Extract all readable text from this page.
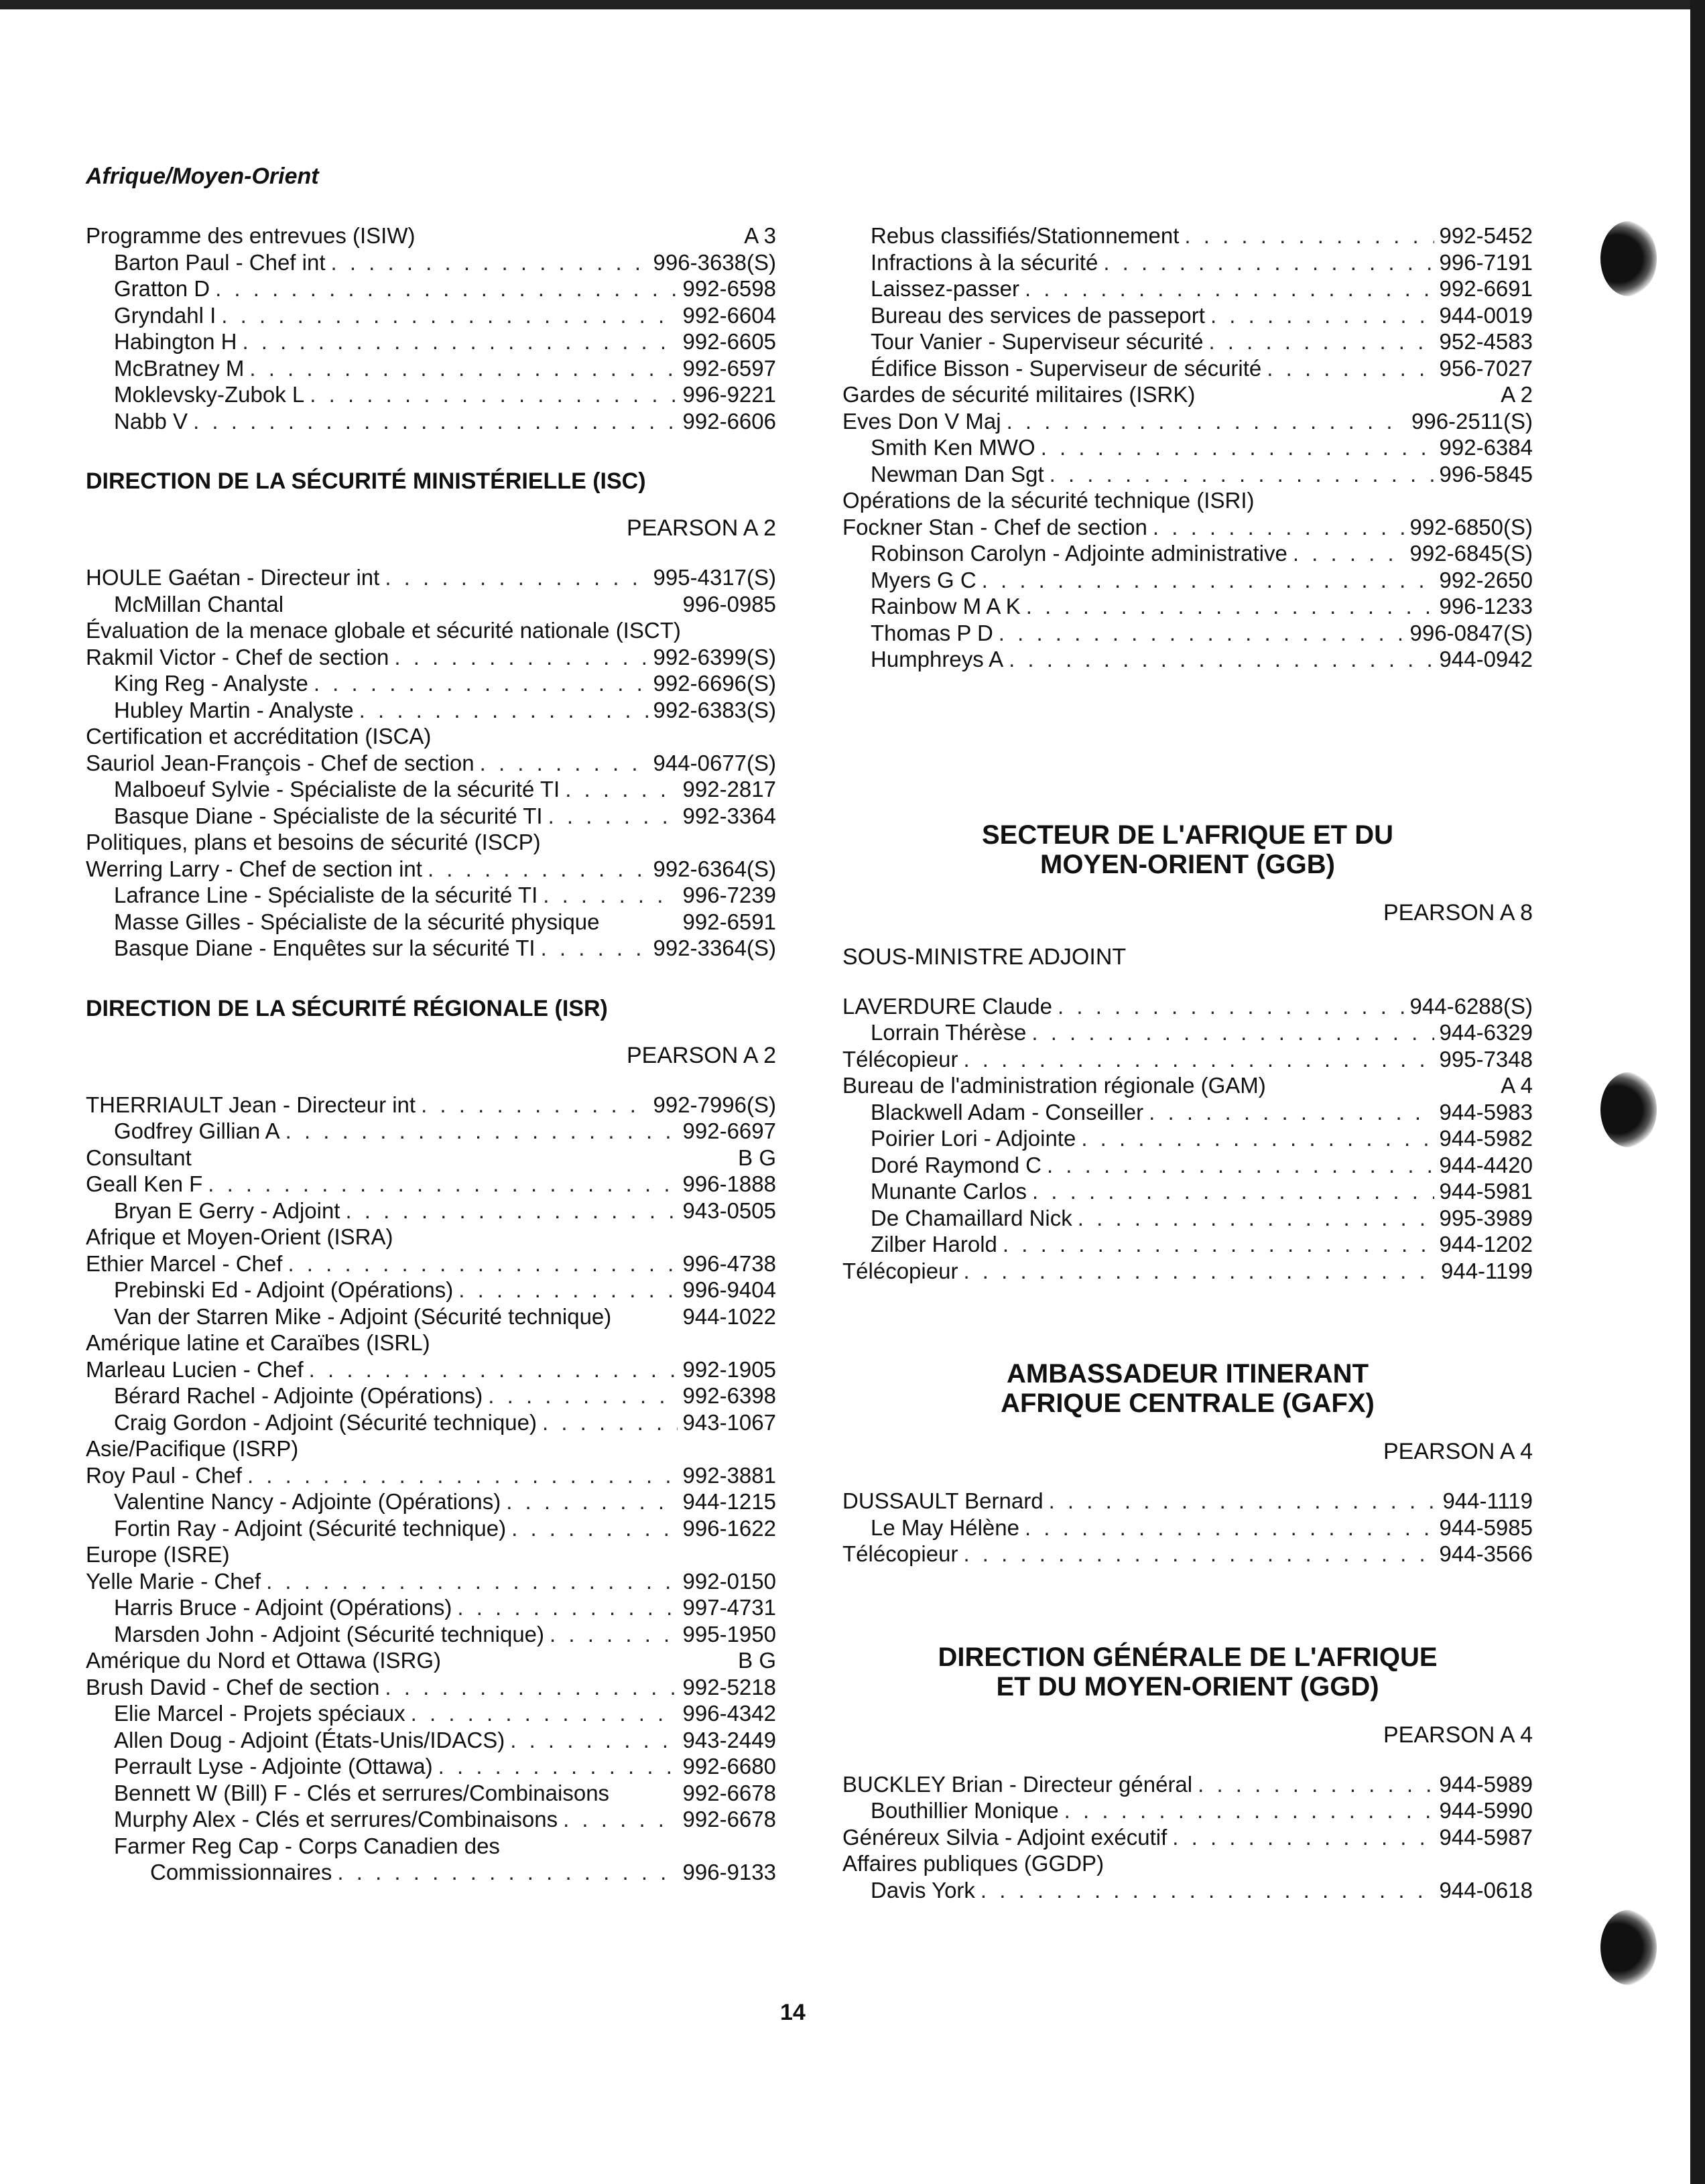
Afrique/Moyen-Orient
Programme des entrevues (ISIW)	A 3
Barton Paul - Chef int . . .	996-3638(S)
Gratton D . . .	992-6598
Gryndahl I . . .	992-6604
Habington H . . .	992-6605
McBratney M . . .	992-6597
Moklevsky-Zubok L . . .	996-9221
Nabb V . . .	992-6606
DIRECTION DE LA SÉCURITÉ MINISTÉRIELLE (ISC)
PEARSON A 2
HOULE Gaétan - Directeur int . . .	995-4317(S)
McMillan Chantal	996-0985
Évaluation de la menace globale et sécurité nationale (ISCT)
Rakmil Victor - Chef de section . . .	992-6399(S)
King Reg - Analyste . . .	992-6696(S)
Hubley Martin - Analyste . . .	992-6383(S)
Certification et accréditation (ISCA)
Sauriol Jean-François - Chef de section . . .	944-0677(S)
Malboeuf Sylvie - Spécialiste de la sécurité TI . . .	992-2817
Basque Diane - Spécialiste de la sécurité TI . . .	992-3364
Politiques, plans et besoins de sécurité (ISCP)
Werring Larry - Chef de section int . . .	992-6364(S)
Lafrance Line - Spécialiste de la sécurité TI . . .	996-7239
Masse Gilles - Spécialiste de la sécurité physique	992-6591
Basque Diane - Enquêtes sur la sécurité TI . . .	992-3364(S)
DIRECTION DE LA SÉCURITÉ RÉGIONALE (ISR)
PEARSON A 2
THERRIAULT Jean - Directeur int . . .	992-7996(S)
Godfrey Gillian A . . .	992-6697
Consultant	B G
Geall Ken F . . .	996-1888
Bryan E Gerry - Adjoint . . .	943-0505
Afrique et Moyen-Orient (ISRA)
Ethier Marcel - Chef . . .	996-4738
Prebinski Ed - Adjoint (Opérations) . . .	996-9404
Van der Starren Mike - Adjoint (Sécurité technique)	944-1022
Amérique latine et Caraïbes (ISRL)
Marleau Lucien - Chef . . .	992-1905
Bérard Rachel - Adjointe (Opérations) . . .	992-6398
Craig Gordon - Adjoint (Sécurité technique) . . .	943-1067
Asie/Pacifique (ISRP)
Roy Paul - Chef . . .	992-3881
Valentine Nancy - Adjointe (Opérations) . . .	944-1215
Fortin Ray - Adjoint (Sécurité technique) . . .	996-1622
Europe (ISRE)
Yelle Marie - Chef . . .	992-0150
Harris Bruce - Adjoint (Opérations) . . .	997-4731
Marsden John - Adjoint (Sécurité technique) . . .	995-1950
Amérique du Nord et Ottawa (ISRG)	B G
Brush David - Chef de section . . .	992-5218
Elie Marcel - Projets spéciaux . . .	996-4342
Allen Doug - Adjoint (États-Unis/IDACS) . . .	943-2449
Perrault Lyse - Adjointe (Ottawa) . . .	992-6680
Bennett W (Bill) F - Clés et serrures/Combinaisons	992-6678
Murphy Alex - Clés et serrures/Combinaisons . . .	992-6678
Farmer Reg Cap - Corps Canadien des
Commissionnaires . . .	996-9133
Rebus classifiés/Stationnement . . .	992-5452
Infractions à la sécurité . . .	996-7191
Laissez-passer . . .	992-6691
Bureau des services de passeport . . .	944-0019
Tour Vanier - Superviseur sécurité . . .	952-4583
Édifice Bisson - Superviseur de sécurité . . .	956-7027
Gardes de sécurité militaires (ISRK)	A 2
Eves Don V Maj . . .	996-2511(S)
Smith Ken MWO . . .	992-6384
Newman Dan Sgt . . .	996-5845
Opérations de la sécurité technique (ISRI)
Fockner Stan - Chef de section . . .	992-6850(S)
Robinson Carolyn - Adjointe administrative . . .	992-6845(S)
Myers G C . . .	992-2650
Rainbow M A K . . .	996-1233
Thomas P D . . .	996-0847(S)
Humphreys A . . .	944-0942
SECTEUR DE L'AFRIQUE ET DU
MOYEN-ORIENT (GGB)
PEARSON A 8
SOUS-MINISTRE ADJOINT
LAVERDURE Claude . . .	944-6288(S)
Lorrain Thérèse . . .	944-6329
Télécopieur . . .	995-7348
Bureau de l'administration régionale (GAM)	A 4
Blackwell Adam - Conseiller . . .	944-5983
Poirier Lori - Adjointe . . .	944-5982
Doré Raymond C . . .	944-4420
Munante Carlos . . .	944-5981
De Chamaillard Nick . . .	995-3989
Zilber Harold . . .	944-1202
Télécopieur . . .	944-1199
AMBASSADEUR ITINERANT
AFRIQUE CENTRALE (GAFX)
PEARSON A 4
DUSSAULT Bernard . . .	944-1119
Le May Hélène . . .	944-5985
Télécopieur . . .	944-3566
DIRECTION GÉNÉRALE DE L'AFRIQUE
ET DU MOYEN-ORIENT (GGD)
PEARSON A 4
BUCKLEY Brian - Directeur général . . .	944-5989
Bouthillier Monique . . .	944-5990
Généreux Silvia - Adjoint exécutif . . .	944-5987
Affaires publiques (GGDP)
Davis York . . .	944-0618
14
